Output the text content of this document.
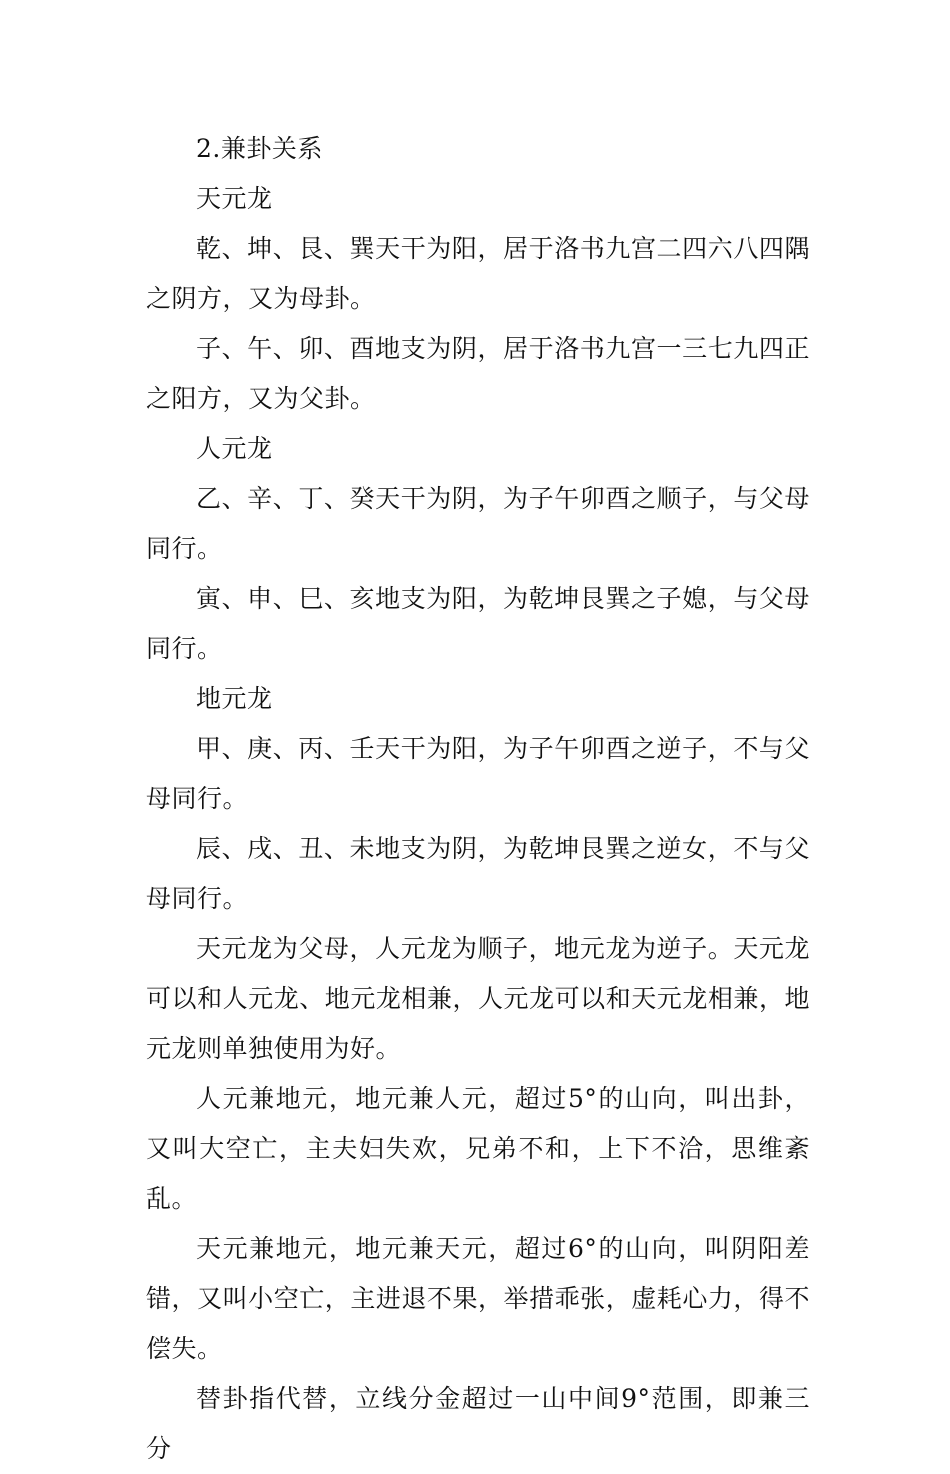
2.兼卦关系

天元龙

乾、坤、艮、巽天干为阳，居于洛书九宫二四六八四隅之阴方，又为母卦。

子、午、卯、酉地支为阴，居于洛书九宫一三七九四正之阳方，又为父卦。

人元龙

乙、辛、丁、癸天干为阴，为子午卯酉之顺子，与父母同行。

寅、申、巳、亥地支为阳，为乾坤艮巽之子媳，与父母同行。

地元龙

甲、庚、丙、壬天干为阳，为子午卯酉之逆子，不与父母同行。

辰、戌、丑、未地支为阴，为乾坤艮巽之逆女，不与父母同行。

天元龙为父母，人元龙为顺子，地元龙为逆子。天元龙可以和人元龙、地元龙相兼，人元龙可以和天元龙相兼，地元龙则单独使用为好。

人元兼地元，地元兼人元，超过5°的山向，叫出卦，又叫大空亡，主夫妇失欢，兄弟不和，上下不洽，思维紊乱。

天元兼地元，地元兼天元，超过6°的山向，叫阴阳差错，又叫小空亡，主进退不果，举措乖张，虚耗心力，得不偿失。

替卦指代替，立线分金超过一山中间9°范围，即兼三分
